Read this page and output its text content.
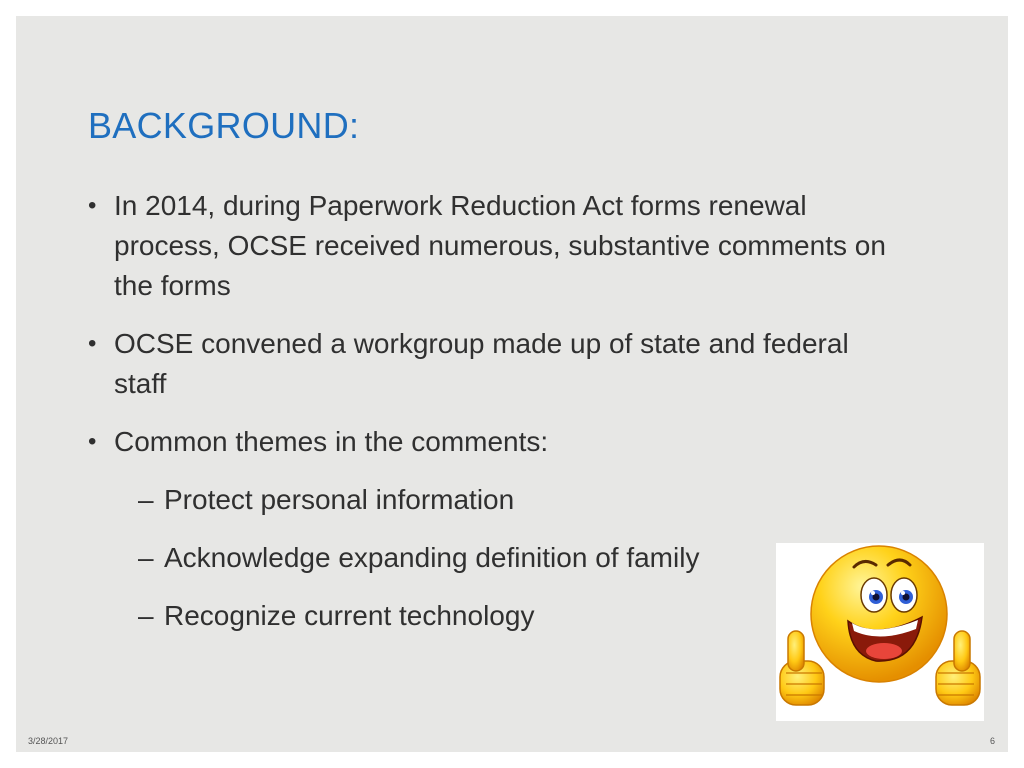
BACKGROUND:
• In 2014, during Paperwork Reduction Act forms renewal process, OCSE received numerous, substantive comments on the forms
• OCSE convened a workgroup made up of state and federal staff
• Common themes in the comments:
– Protect personal information
– Acknowledge expanding definition of family
– Recognize current technology
3/28/2017	6
